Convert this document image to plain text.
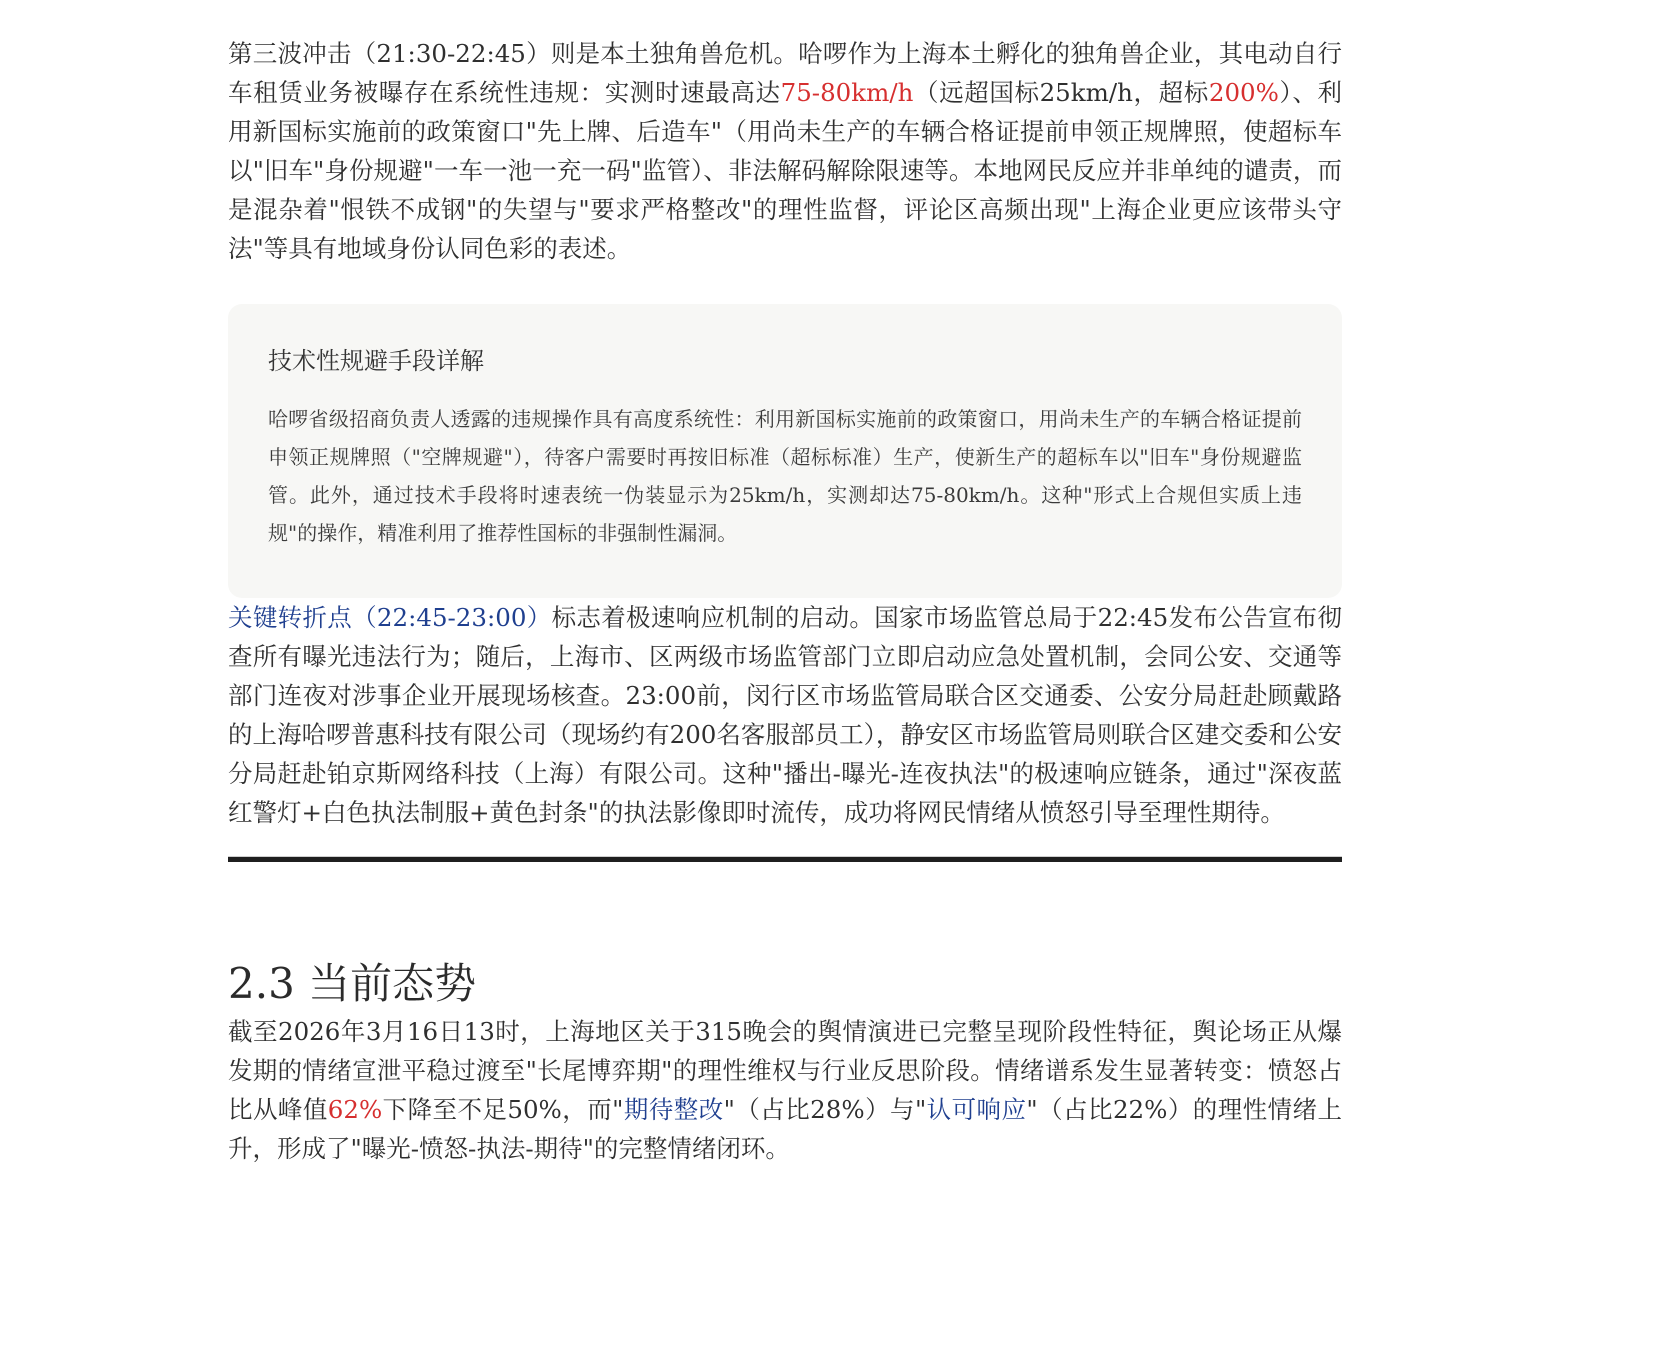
第三波冲击（21:30-22:45）则是本土独角兽危机。哈啰作为上海本土孵化的独角兽企业，其电动自行车租赁业务被曝存在系统性违规：实测时速最高达75-80km/h（远超国标25km/h，超标200%）、利用新国标实施前的政策窗口"先上牌、后造车"（用尚未生产的车辆合格证提前申领正规牌照，使超标车以"旧车"身份规避"一车一池一充一码"监管）、非法解码解除限速等。本地网民反应并非单纯的谴责，而是混杂着"恨铁不成钢"的失望与"要求严格整改"的理性监督，评论区高频出现"上海企业更应该带头守法"等具有地域身份认同色彩的表述。

技术性规避手段详解

哈啰省级招商负责人透露的违规操作具有高度系统性：利用新国标实施前的政策窗口，用尚未生产的车辆合格证提前申领正规牌照（"空牌规避"），待客户需要时再按旧标准（超标标准）生产，使新生产的超标车以"旧车"身份规避监管。此外，通过技术手段将时速表统一伪装显示为25km/h，实测却达75-80km/h。这种"形式上合规但实质上违规"的操作，精准利用了推荐性国标的非强制性漏洞。

关键转折点（22:45-23:00）标志着极速响应机制的启动。国家市场监管总局于22:45发布公告宣布彻查所有曝光违法行为；随后，上海市、区两级市场监管部门立即启动应急处置机制，会同公安、交通等部门连夜对涉事企业开展现场核查。23:00前，闵行区市场监管局联合区交通委、公安分局赶赴顾戴路的上海哈啰普惠科技有限公司（现场约有200名客服部员工），静安区市场监管局则联合区建交委和公安分局赶赴铂京斯网络科技（上海）有限公司。这种"播出-曝光-连夜执法"的极速响应链条，通过"深夜蓝红警灯+白色执法制服+黄色封条"的执法影像即时流传，成功将网民情绪从愤怒引导至理性期待。

2.3 当前态势

截至2026年3月16日13时，上海地区关于315晚会的舆情演进已完整呈现阶段性特征，舆论场正从爆发期的情绪宣泄平稳过渡至"长尾博弈期"的理性维权与行业反思阶段。情绪谱系发生显著转变：愤怒占比从峰值62%下降至不足50%，而"期待整改"（占比28%）与"认可响应"（占比22%）的理性情绪上升，形成了"曝光-愤怒-执法-期待"的完整情绪闭环。
